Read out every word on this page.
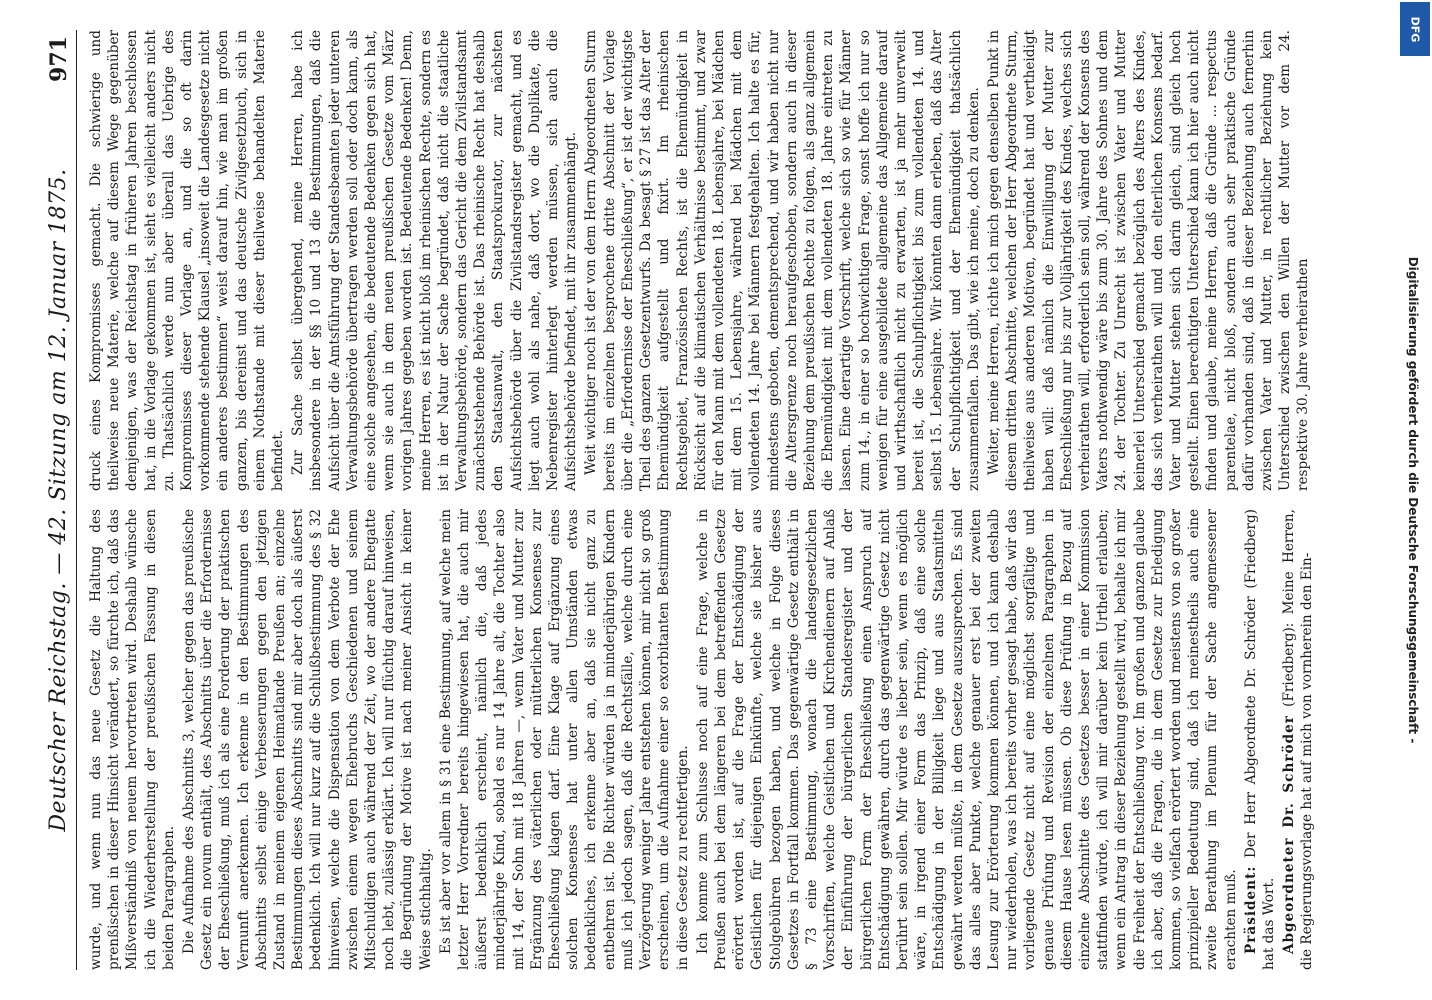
Deutscher Reichstag. — 42. Sitzung am 12. Januar 1875.
971

wurde, und wenn nun das neue Gesetz die Haltung des prenßischen in dieser Hinsicht verändert, so fürchte ich, daß das Mißverständniß von neuem hervortreten wird. Deshalb wünsche ich die Wiederherstellung der preußischen Fassung in diesen beiden Paragraphen. Die Aufnahme des Abschnitts 3, welcher gegen das preußische Gesetz ein novum enthält, des Abschnitts über die Erfordernisse der Eheschließung, muß ich als eine Forderung der praktischen Vernunft anerkennen. Ich erkenne in den Bestimmungen des Abschnitts selbst einige Verbesserungen gegen den jetzigen Zustand in meinem eigenen Heimatlande Preußen an; einzelne Bestimmungen dieses Abschnitts sind mir aber doch als äußerst bedenklich. Ich will nur kurz auf die Schlußbestimmung des § 32 hinweisen, welche die Dispensation von dem Verbote der Ehe zwischen einem wegen Ehebruchs Geschiedenen und seinem Mitschuldigen auch während der Zeit, wo der andere Ehegatte noch lebt, zulässig erklärt. Ich will nur flüchtig darauf hinweisen, die Begründung der Motive ist nach meiner Ansicht in keiner Weise stichhaltig. Es ist aber vor allem in § 31 eine Bestimmung, auf welche mein letzter Herr Vorredner bereits hingewiesen hat, die auch mir äußerst bedenklich erscheint, nämlich die, daß jedes minderjährige Kind, sobald es nur 14 Jahre alt, die Tochter also mit 14, der Sohn mit 18 Jahren —, wenn Vater und Mutter zur Ergänzung des väterlichen oder mütterlichen Konsenses zur Eheschließung klagen darf. Eine Klage auf Ergänzung eines solchen Konsenses hat unter allen Umständen etwas bedenkliches, ich erkenne aber an, daß sie nicht ganz zu entbehren ist. Die Richter würden ja in minderjährigen Kindern muß ich jedoch sagen, daß die Rechtsfälle, welche durch eine Verzögerung weniger Jahre entstehen können, mir nicht so groß erscheinen, um die Aufnahme einer so exorbitanten Bestimmung in diese Gesetz zu rechtfertigen. Ich komme zum Schlusse noch auf eine Frage, welche in Preußen auch bei dem längeren bei dem betreffenden Gesetze erörtert worden ist, auf die Frage der Entschädigung der Geistlichen für diejenigen Einkünfte, welche sie bisher aus Stolgebühren bezogen haben, und welche in Folge dieses Gesetzes in Fortfall kommen. Das gegenwärtige Gesetz enthält in § 73 eine Bestimmung, wonach die landesgesetzlichen Vorschriften, welche Geistlichen und Kirchendienern auf Anlaß der Einführung der bürgerlichen Standesregister und der bürgerlichen Form der Eheschließung einen Anspruch auf Entschädigung gewähren, durch das gegenwärtige Gesetz nicht berührt sein sollen. Mir würde es lieber sein, wenn es möglich wäre, in irgend einer Form das Prinzip, daß eine solche Entschädigung in der Billigkeit liege und aus Staatsmitteln gewährt werden müßte, in dem Gesetze auszusprechen. Es sind das alles aber Punkte, welche genauer erst bei der zweiten Lesung zur Erörterung kommen können, und ich kann deshalb nur wiederholen, was ich bereits vorher gesagt habe, daß wir das vorliegende Gesetz nicht auf eine möglichst sorgfältige und genaue Prüfung und Revision der einzelnen Paragraphen in diesem Hause lesen müssen. Ob diese Prüfung in Bezug auf einzelne Abschnitte des Gesetzes besser in einer Kommission stattfinden würde, ich will mir darüber kein Urtheil erlauben; wenn ein Antrag in dieser Beziehung gestellt wird, behalte ich mir die Freiheit der Entschließung vor. Im großen und ganzen glaube ich aber, daß die Fragen, die in dem Gesetze zur Erledigung kommen, so vielfach erörtert worden und meistens von so großer prinzipieller Bedeutung sind, daß ich meinestheils auch eine zweite Berathung im Plenum für der Sache angemessener erachten muß. Präsident: Der Herr Abgeordnete Dr. Schröder (Friedberg) hat das Wort. Abgeordneter Dr. Schröder (Friedberg): Meine Herren, die Regierungsvorlage hat auf mich von vornherein den Ein-

druck eines Kompromisses gemacht. Die schwierige und theilweise neue Materie, welche auf diesem Wege gegenüber demjenigen, was der Reichstag in früheren Jahren beschlossen hat, in die Vorlage gekommen ist, sieht es vielleicht anders nicht zu. Thatsächlich werde nun aber überall das Uebrige des Kompromisses dieser Vorlage an, und die so oft darin vorkommende stehende Klausel „insoweit die Landesgesetze nicht ein anderes bestimmen“ weist darauf hin, wie man im großen ganzen, bis dereinst und das deutsche Zivilgesetzbuch, sich in einem Nothstande mit dieser theilweise behandelten Materie befindet. Zur Sache selbst übergehend, meine Herren, habe ich insbesondere in der §§ 10 und 13 die Bestimmungen, daß die Aufsicht über die Amtsführung der Standesbeamten jeder unteren Verwaltungsbehörde übertragen werden soll oder doch kann, als eine solche angesehen, die bedeutende Bedenken gegen sich hat, wenn sie auch in dem neuen preußischen Gesetze vom März vorigen Jahres gegeben worden ist. Bedeutende Bedenken! Denn, meine Herren, es ist nicht bloß im rheinischen Rechte, sondern es ist in der Natur der Sache begründet, daß nicht die staatliche Verwaltungsbehörde, sondern das Gericht die dem Zivilstandsamt zunächststehende Behörde ist. Das rheinische Recht hat deshalb den Staatsanwalt, den Staatsprokurator, zur nächsten Aufsichtsbehörde über die Zivilstandsregister gemacht, und es liegt auch wohl als nahe, daß dort, wo die Duplikate, die Nebenregister hinterlegt werden müssen, sich auch die Aufsichtsbehörde befindet, mit ihr zusammenhängt. Weit wichtiger noch ist der von dem Herrn Abgeordneten Sturm bereits im einzelnen besprochene dritte Abschnitt der Vorlage über die „Erfordernisse der Eheschließung“, er ist der wichtigste Theil des ganzen Gesetzentwurfs. Da besagt § 27 ist das Alter der Ehemündigkeit aufgestellt und fixirt. Im rheinischen Rechtsgebiet, Französischen Rechts, ist die Ehemündigkeit in Rücksicht auf die klimatischen Verhältnisse bestimmt, und zwar für den Mann mit dem vollendeten 18. Lebensjahre, bei Mädchen mit dem 15. Lebensjahre, während bei Mädchen mit dem vollendeten 14. Jahre bei Männern festgehalten. Ich halte es für, mindestens geboten, dementsprechend, und wir haben nicht nur die Altersgrenze noch heraufgeschoben, sondern auch in dieser Beziehung dem preußischen Rechte zu folgen, als ganz allgemein die Ehemündigkeit mit dem vollendeten 18. Jahre eintreten zu lassen. Eine derartige Vorschrift, welche sich so wie für Männer zum 14., in einer so hochwichtigen Frage, sonst hoffe ich nur so wenigen für eine ausgebildete allgemeine das Allgemeine darauf und wirthschaftlich nicht zu erwarten, ist ja mehr unverweilt bereit ist, die Schulpflichtigkeit bis zum vollendeten 14. und selbst 15. Lebensjahre. Wir könnten dann erleben, daß das Alter der Schulpflichtigkeit und der Ehemündigkeit thatsächlich zusammenfallen. Das gibt, wie ich meine, doch zu denken. Weiter, meine Herren, richte ich mich gegen denselben Punkt in diesem dritten Abschnitte, welchen der Herr Abgeordnete Sturm, theilweise aus anderen Motiven, begründet hat und vertheidigt haben will: daß nämlich die Einwilligung der Mutter zur Eheschließung nur bis zur Volljährigkeit des Kindes, welches sich verheirathen will, erforderlich sein soll, während der Konsens des Vaters nothwendig wäre bis zum 30. Jahre des Sohnes und dem 24. der Tochter. Zu Unrecht ist zwischen Vater und Mutter keinerlei Unterschied gemacht bezüglich des Alters des Kindes, das sich verheirathen will und den elterlichen Konsens bedarf. Vater und Mutter stehen sich darin gleich, sind gleich hoch gestellt. Einen berechtigten Unterschied kann ich hier auch nicht finden und glaube, meine Herren, daß die Gründe ... respectus parentelae, nicht bloß, sondern auch sehr praktische Gründe dafür vorhanden sind, daß in dieser Beziehung auch fernerhin zwischen Vater und Mutter, in rechtlicher Beziehung kein Unterschied zwischen den Willen der Mutter vor dem 24. respektive 30. Jahre verheirathen	Digitalisierung gefördert durch die Deutsche Forschungsgemeinschaft -
DFG
